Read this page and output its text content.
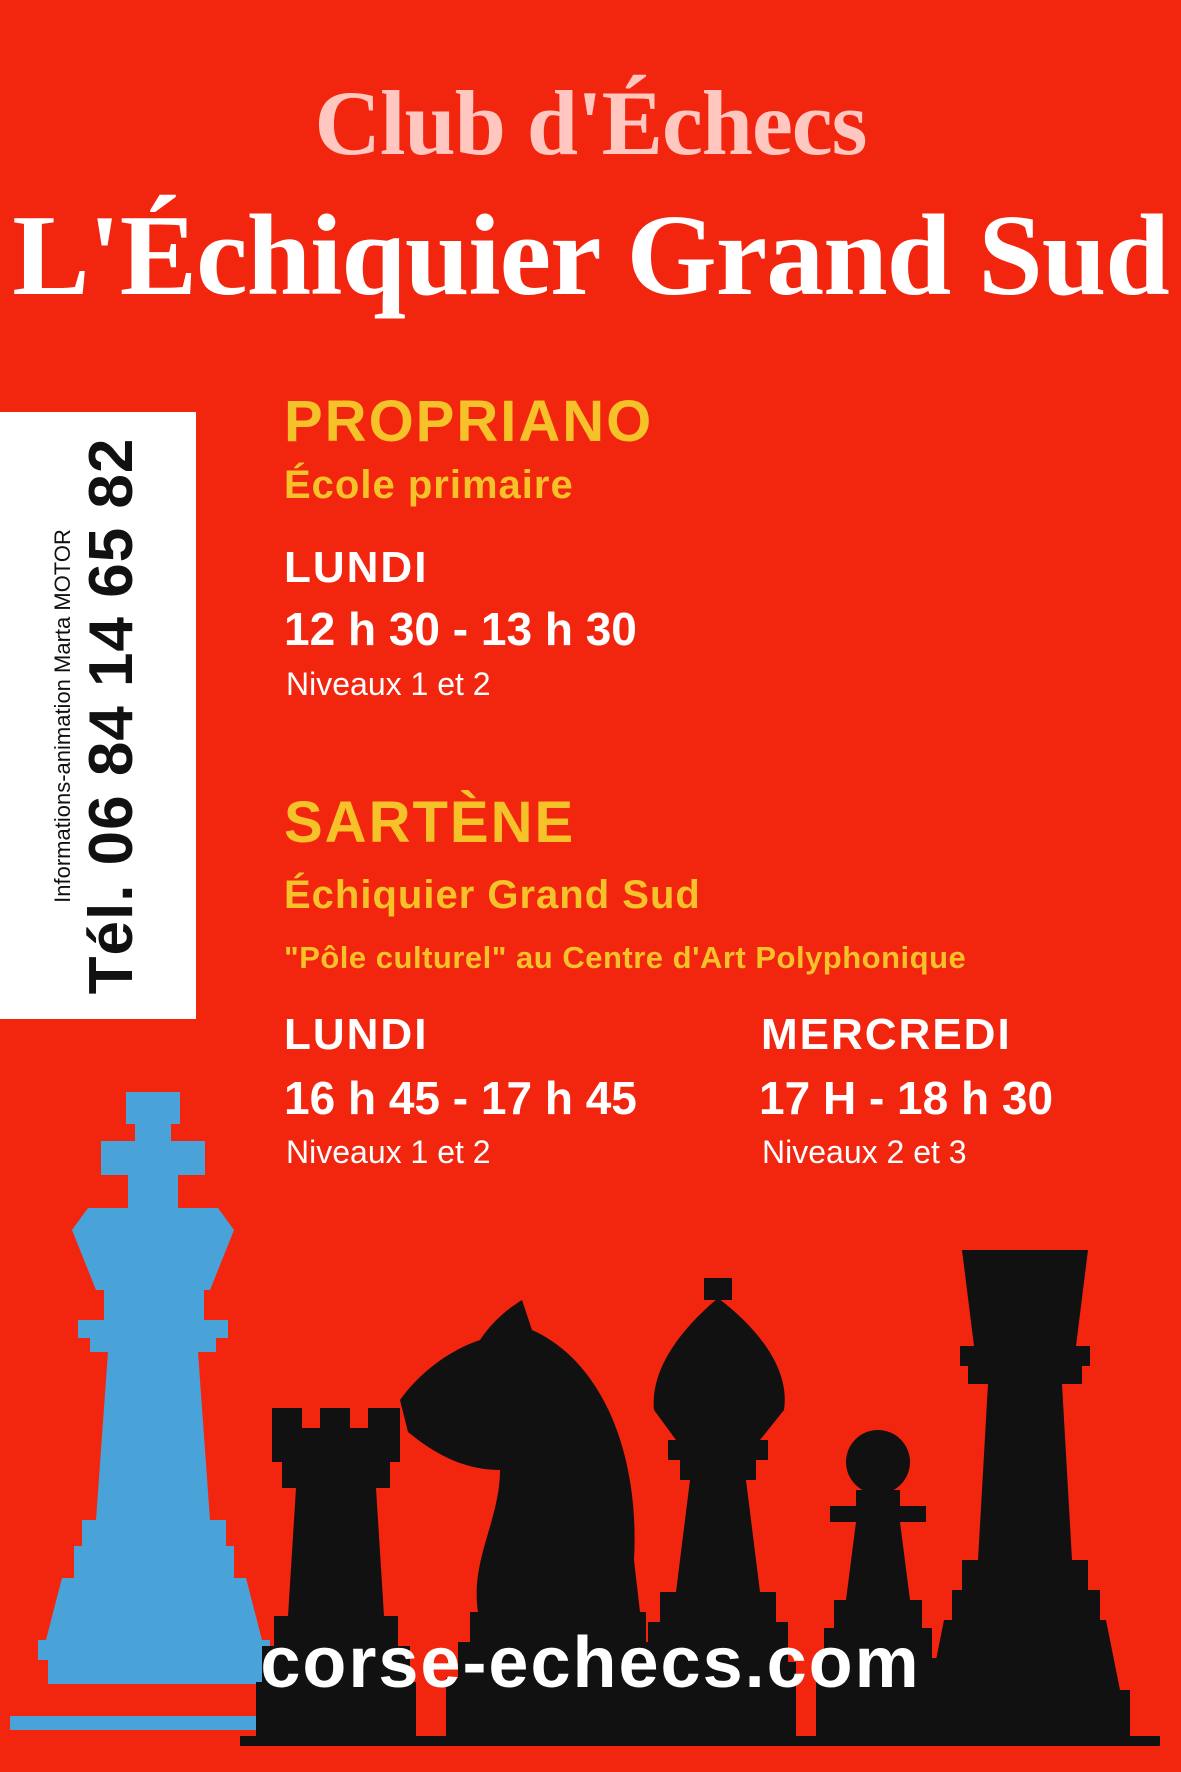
Club d'Échecs
L'Échiquier Grand Sud
Informations-animation Marta MOTOR Tél. 06 84 14 65 82
PROPRIANO
École primaire
LUNDI
12 h 30 - 13 h 30
Niveaux 1 et 2
SARTÈNE
Échiquier Grand Sud
"Pôle culturel" au Centre d'Art Polyphonique
LUNDI
16 h 45 - 17 h 45
Niveaux 1 et 2
MERCREDI
17 H - 18 h 30
Niveaux 2 et 3
corse-echecs.com
